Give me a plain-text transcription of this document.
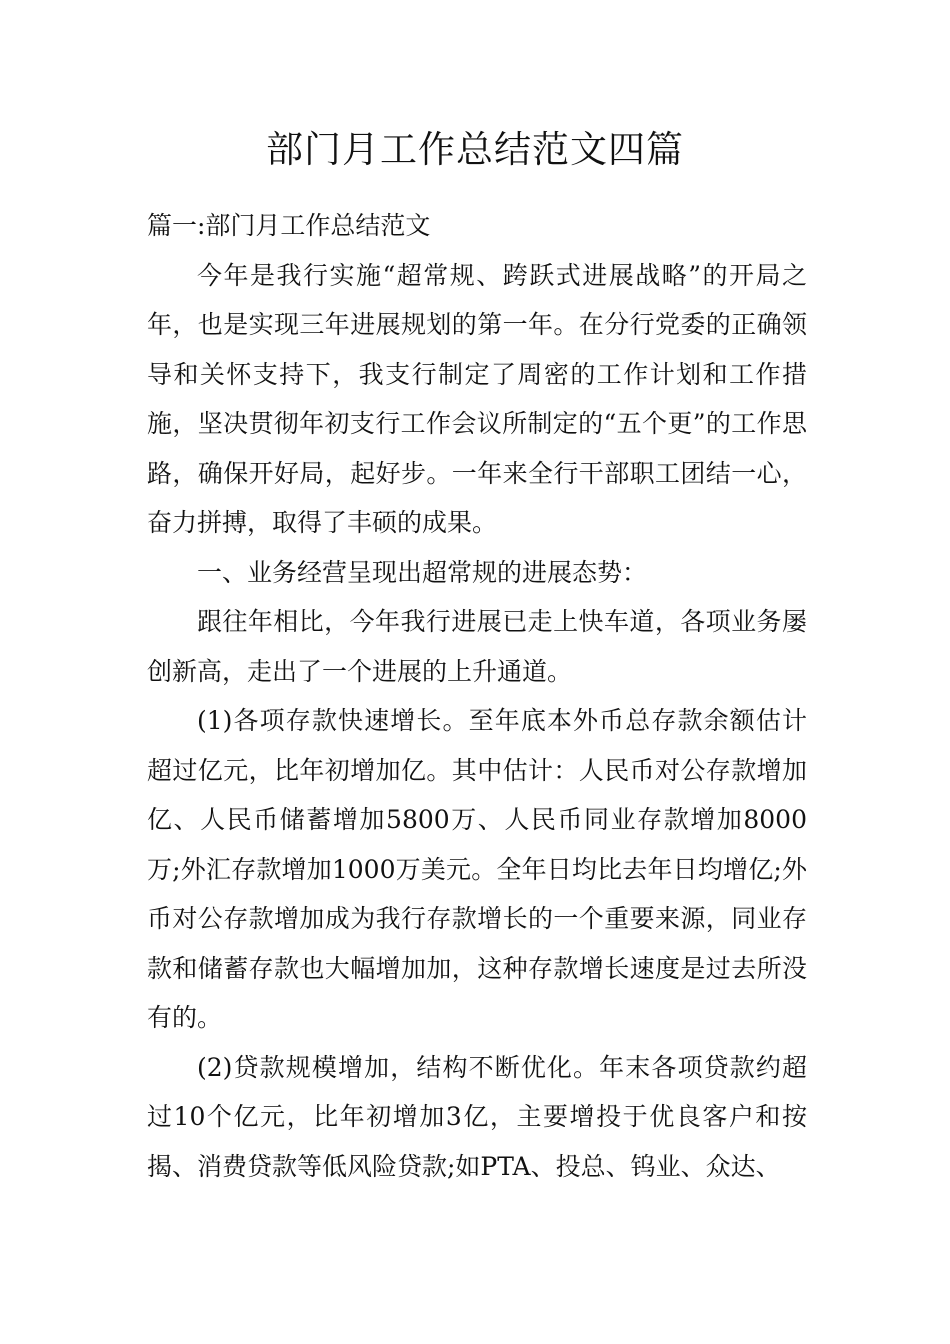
部门月工作总结范文四篇

篇一:部门月工作总结范文

今年是我行实施“超常规、跨跃式进展战略”的开局之年，也是实现三年进展规划的第一年。在分行党委的正确领导和关怀支持下，我支行制定了周密的工作计划和工作措施，坚决贯彻年初支行工作会议所制定的“五个更”的工作思路，确保开好局，起好步。一年来全行干部职工团结一心，奋力拼搏，取得了丰硕的成果。

一、业务经营呈现出超常规的进展态势：

跟往年相比，今年我行进展已走上快车道，各项业务屡创新高，走出了一个进展的上升通道。

(1)各项存款快速增长。至年底本外币总存款余额估计超过亿元，比年初增加亿。其中估计：人民币对公存款增加亿、人民币储蓄增加5800万、人民币同业存款增加8000万;外汇存款增加1000万美元。全年日均比去年日均增亿;外币对公存款增加成为我行存款增长的一个重要来源，同业存款和储蓄存款也大幅增加加，这种存款增长速度是过去所没有的。

(2)贷款规模增加，结构不断优化。年末各项贷款约超过10个亿元，比年初增加3亿，主要增投于优良客户和按揭、消费贷款等低风险贷款;如PTA、投总、钨业、众达、
